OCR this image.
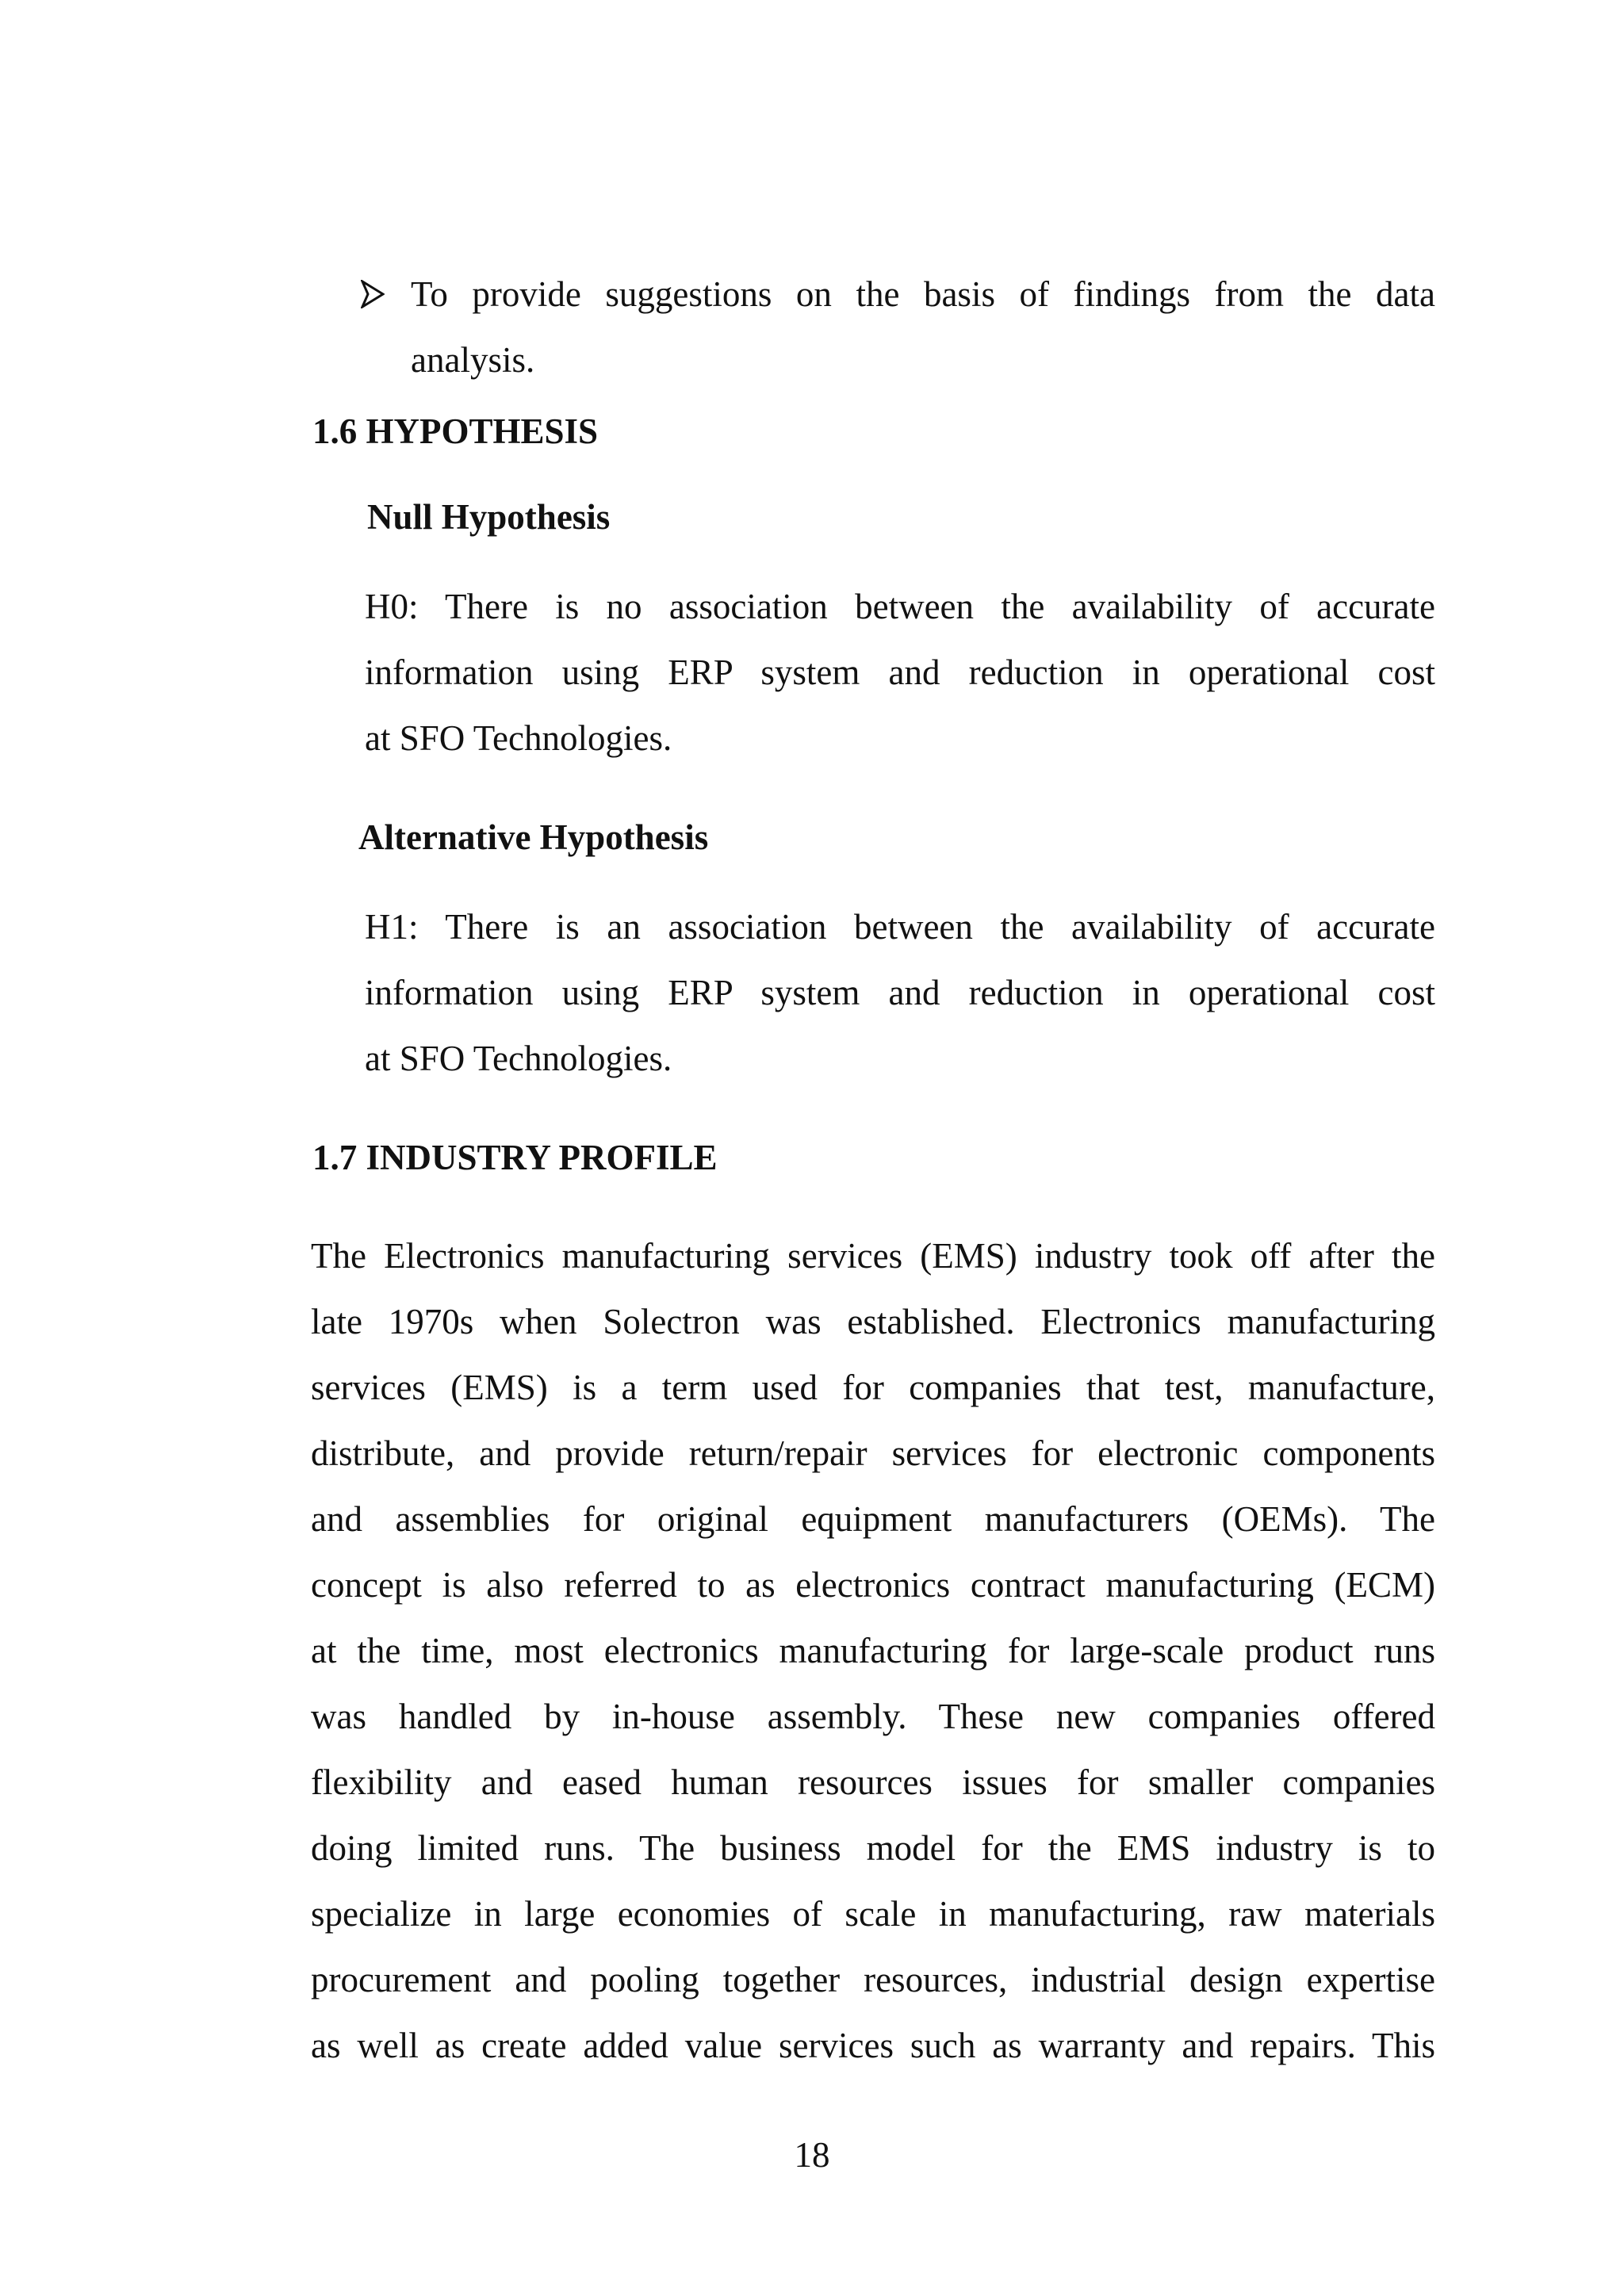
To provide suggestions on the basis of findings from the data
analysis.
1.6 HYPOTHESIS
Null Hypothesis
H0: There is no association between the availability of accurate
information using ERP system and reduction in operational cost
at SFO Technologies.
Alternative Hypothesis
H1: There is an association between the availability of accurate
information using ERP system and reduction in operational cost
at SFO Technologies.
1.7 INDUSTRY PROFILE
The Electronics manufacturing services (EMS) industry took off after the
late 1970s when Solectron was established. Electronics manufacturing
services (EMS) is a term used for companies that test, manufacture,
distribute, and provide return/repair services for electronic components
and assemblies for original equipment manufacturers (OEMs). The
concept is also referred to as electronics contract manufacturing (ECM)
at the time, most electronics manufacturing for large-scale product runs
was handled by in-house assembly. These new companies offered
flexibility and eased human resources issues for smaller companies
doing limited runs. The business model for the EMS industry is to
specialize in large economies of scale in manufacturing, raw materials
procurement and pooling together resources, industrial design expertise
as well as create added value services such as warranty and repairs. This
18
